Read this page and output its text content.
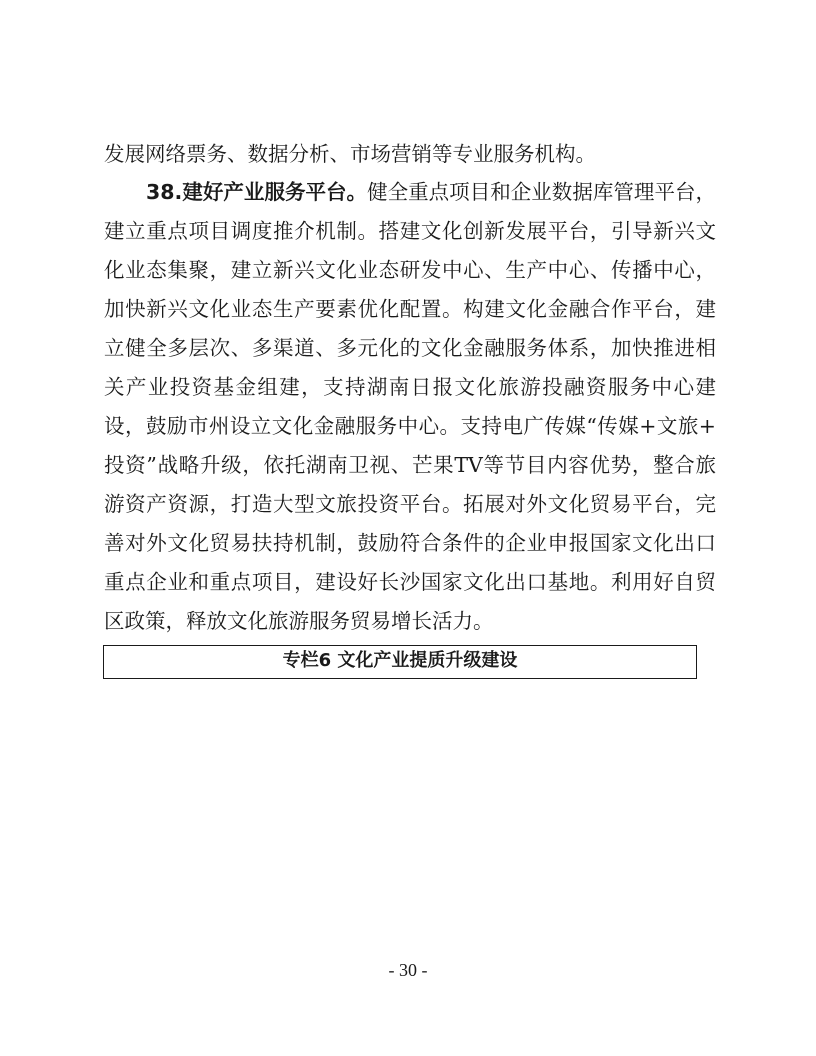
发展网络票务、数据分析、市场营销等专业服务机构。
38.建好产业服务平台。健全重点项目和企业数据库管理平台，
建立重点项目调度推介机制。搭建文化创新发展平台，引导新兴文
化业态集聚，建立新兴文化业态研发中心、生产中心、传播中心，
加快新兴文化业态生产要素优化配置。构建文化金融合作平台，建
立健全多层次、多渠道、多元化的文化金融服务体系，加快推进相
关产业投资基金组建，支持湖南日报文化旅游投融资服务中心建
设，鼓励市州设立文化金融服务中心。支持电广传媒“传媒+文旅+
投资”战略升级，依托湖南卫视、芒果TV等节目内容优势，整合旅
游资产资源，打造大型文旅投资平台。拓展对外文化贸易平台，完
善对外文化贸易扶持机制，鼓励符合条件的企业申报国家文化出口
重点企业和重点项目，建设好长沙国家文化出口基地。利用好自贸
区政策，释放文化旅游服务贸易增长活力。
专栏6 文化产业提质升级建设
- 30 -
